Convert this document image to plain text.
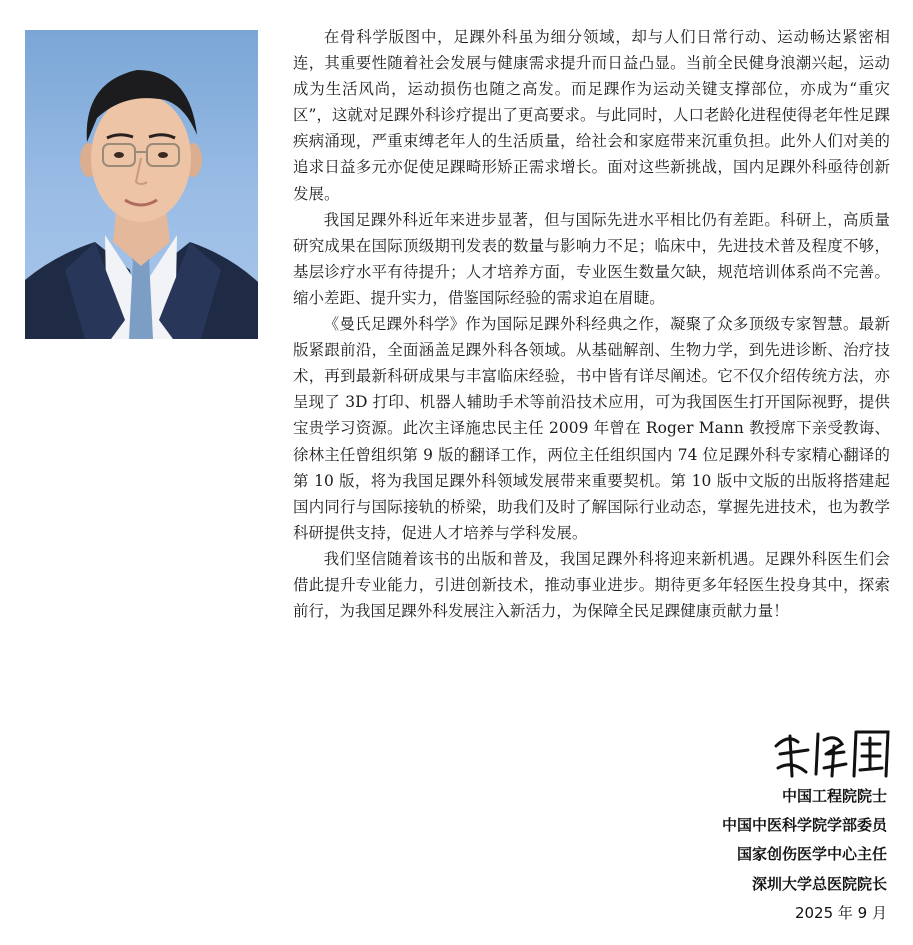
在骨科学版图中，足踝外科虽为细分领域，却与人们日常行动、运动畅达紧密相连，其重要性随着社会发展与健康需求提升而日益凸显。当前全民健身浪潮兴起，运动成为生活风尚，运动损伤也随之高发。而足踝作为运动关键支撑部位，亦成为“重灾区”，这就对足踝外科诊疗提出了更高要求。与此同时，人口老龄化进程使得老年性足踝疾病涌现，严重束缚老年人的生活质量，给社会和家庭带来沉重负担。此外人们对美的追求日益多元亦促使足踝畸形矫正需求增长。面对这些新挑战，国内足踝外科亟待创新发展。

我国足踝外科近年来进步显著，但与国际先进水平相比仍有差距。科研上，高质量研究成果在国际顶级期刊发表的数量与影响力不足；临床中，先进技术普及程度不够，基层诊疗水平有待提升；人才培养方面，专业医生数量欠缺，规范培训体系尚不完善。缩小差距、提升实力，借鉴国际经验的需求迫在眉睫。

《曼氏足踝外科学》作为国际足踝外科经典之作，凝聚了众多顶级专家智慧。最新版紧跟前沿，全面涵盖足踝外科各领域。从基础解剖、生物力学，到先进诊断、治疗技术，再到最新科研成果与丰富临床经验，书中皆有详尽阐述。它不仅介绍传统方法，亦呈现了 3D 打印、机器人辅助手术等前沿技术应用，可为我国医生打开国际视野，提供宝贵学习资源。此次主译施忠民主任 2009 年曾在 Roger Mann 教授席下亲受教诲、徐林主任曾组织第 9 版的翻译工作，两位主任组织国内 74 位足踝外科专家精心翻译的第 10 版，将为我国足踝外科领域发展带来重要契机。第 10 版中文版的出版将搭建起国内同行与国际接轨的桥梁，助我们及时了解国际行业动态，掌握先进技术，也为教学科研提供支持，促进人才培养与学科发展。

我们坚信随着该书的出版和普及，我国足踝外科将迎来新机遇。足踝外科医生们会借此提升专业能力，引进创新技术，推动事业进步。期待更多年轻医生投身其中，探索前行，为我国足踝外科发展注入新活力，为保障全民足踝健康贡献力量！

中国工程院院士
中国中医科学院学部委员
国家创伤医学中心主任
深圳大学总医院院长
2025 年 9 月
